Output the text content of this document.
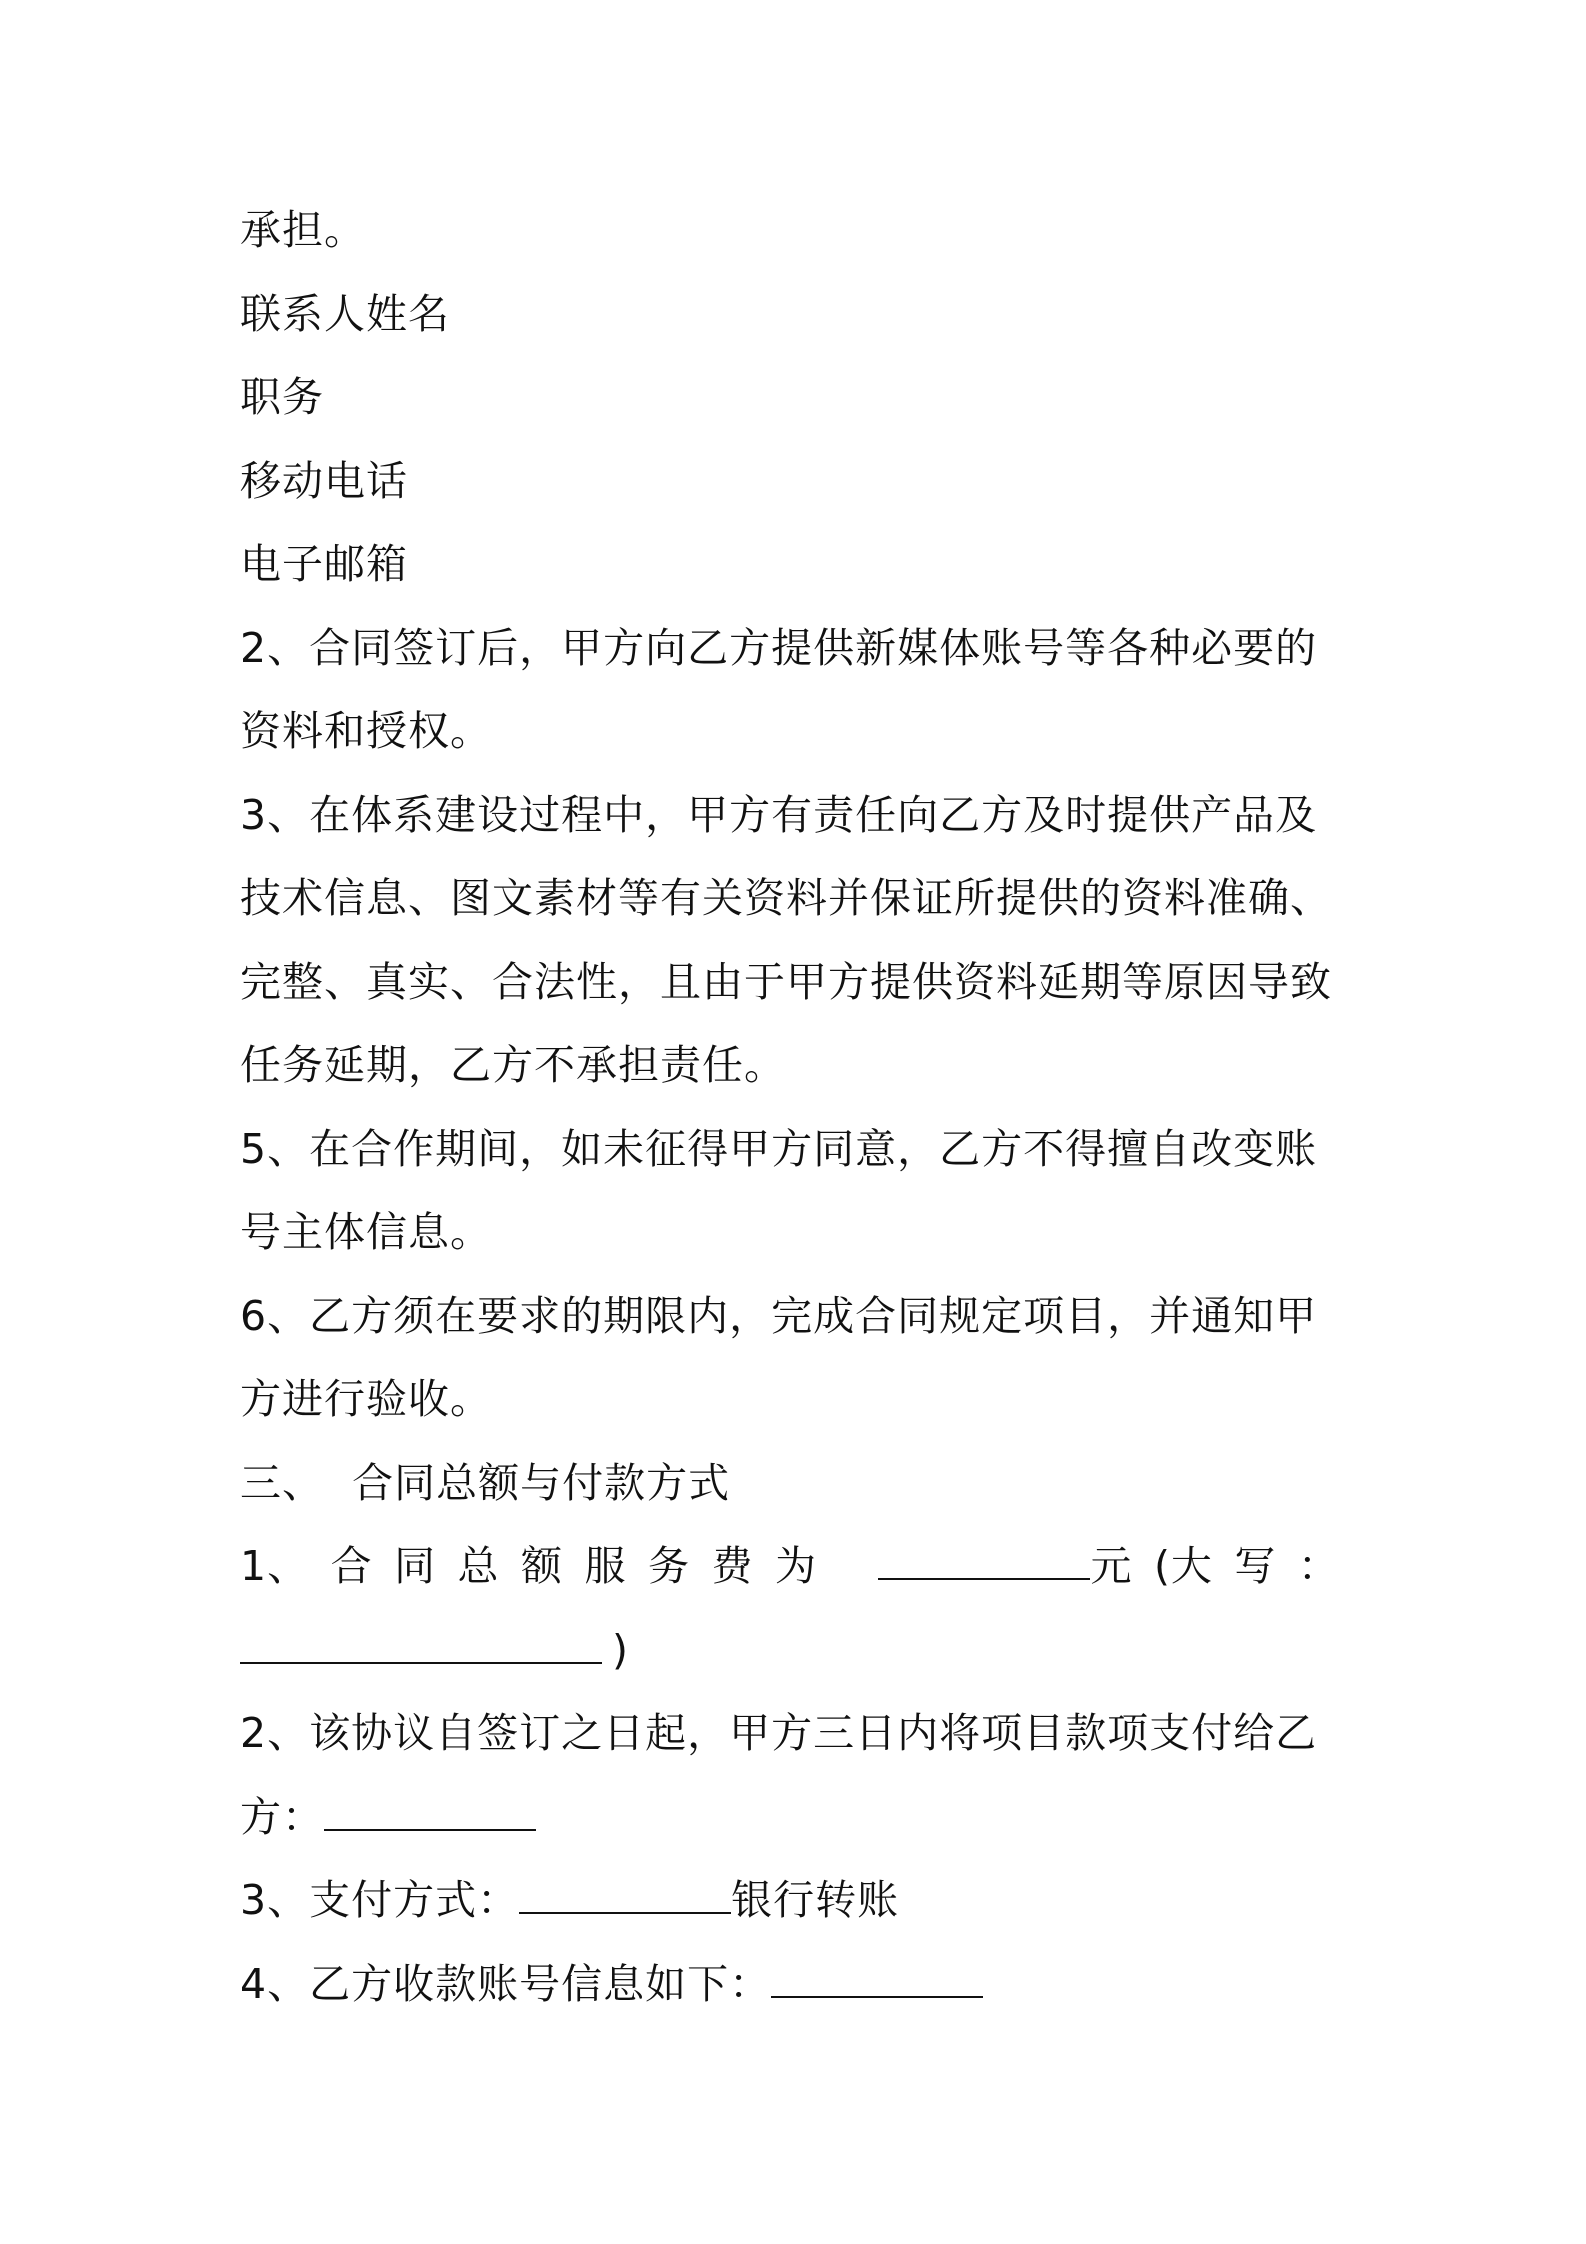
承担。
联系人姓名
职务
移动电话
电子邮箱
2、合同签订后，甲方向乙方提供新媒体账号等各种必要的
资料和授权。
3、在体系建设过程中，甲方有责任向乙方及时提供产品及
技术信息、图文素材等有关资料并保证所提供的资料准确、
完整、真实、合法性，且由于甲方提供资料延期等原因导致
任务延期，乙方不承担责任。
5、在合作期间，如未征得甲方同意，乙方不得擅自改变账
号主体信息。
6、乙方须在要求的期限内，完成合同规定项目，并通知甲
方进行验收。
三、  合同总额与付款方式
1、 合 同 总 额 服 务 费 为	元 (大 写 ：
)
2、该协议自签订之日起，甲方三日内将项目款项支付给乙
方：
3、支付方式：	银行转账
4、乙方收款账号信息如下：
